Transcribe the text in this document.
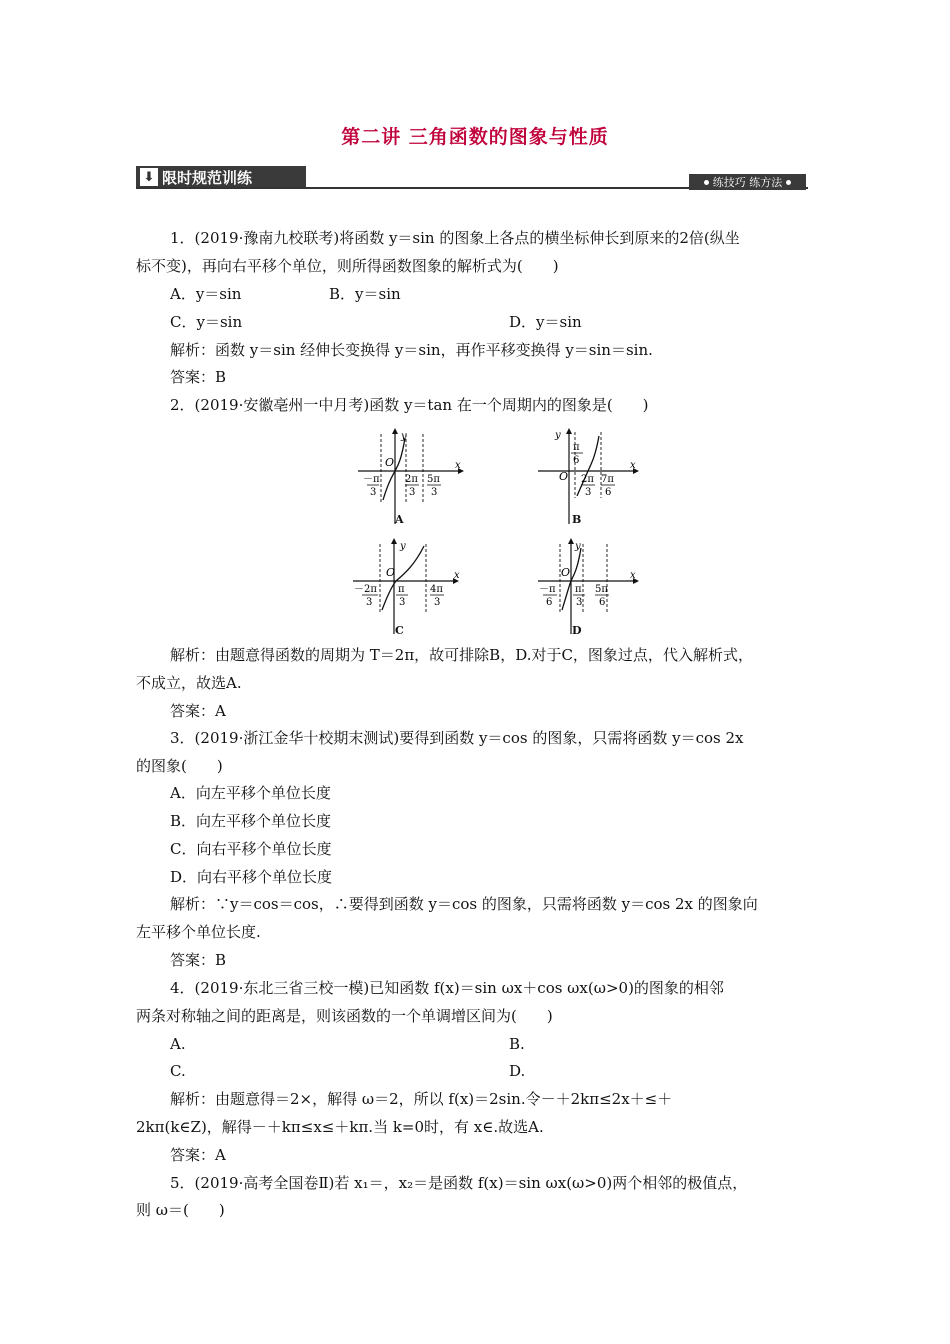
第二讲 三角函数的图象与性质
⬇ 限时规范训练	练技巧 练方法
1．(2019·豫南九校联考)将函数 y＝sin 的图象上各点的横坐标伸长到原来的2倍(纵坐
标不变)，再向右平移个单位，则所得函数图象的解析式为(　　)
A．y＝sin	B．y＝sin
C．y＝sin	D．y＝sin
解析：函数 y＝sin 经伸长变换得 y＝sin，再作平移变换得 y＝sin＝sin.
答案：B
2．(2019·安徽亳州一中月考)函数 y＝tan 在一个周期内的图象是(　　)
y
x
O
－π
3
2π
3
5π
3
A
y
x
O
π
6
2π
3
7π
6
B
y
x
O
－2π
3
π
3
4π
3
C
y
x
O
－π
6
π
3
5π
6
D
解析：由题意得函数的周期为 T＝2π，故可排除B，D.对于C，图象过点，代入解析式，
不成立，故选A.
答案：A
3．(2019·浙江金华十校期末测试)要得到函数 y＝cos 的图象，只需将函数 y＝cos 2x
的图象(　　)
A．向左平移个单位长度
B．向左平移个单位长度
C．向右平移个单位长度
D．向右平移个单位长度
解析：∵y＝cos＝cos，∴要得到函数 y＝cos 的图象，只需将函数 y＝cos 2x 的图象向
左平移个单位长度.
答案：B
4．(2019·东北三省三校一模)已知函数 f(x)＝sin ωx＋cos ωx(ω>0)的图象的相邻
两条对称轴之间的距离是，则该函数的一个单调增区间为(　　)
A.	B.
C.	D.
解析：由题意得＝2×，解得 ω＝2，所以 f(x)＝2sin.令－＋2kπ≤2x＋≤＋
2kπ(k∈Z)，解得－＋kπ≤x≤＋kπ.当 k=0时，有 x∈.故选A.
答案：A
5．(2019·高考全国卷Ⅱ)若 x₁＝，x₂＝是函数 f(x)＝sin ωx(ω>0)两个相邻的极值点，
则 ω＝(　　)
